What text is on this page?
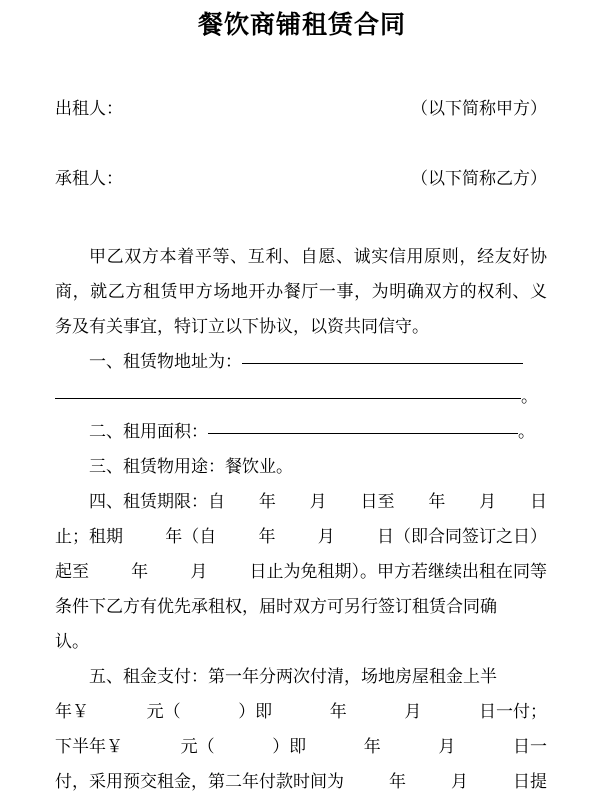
餐饮商铺租赁合同
出租人：	（以下简称甲方）
承租人：	（以下简称乙方）

甲乙双方本着平等、互利、自愿、诚实信用原则，经友好协商，就乙方租赁甲方场地开办餐厅一事，为明确双方的权利、义务及有关事宜，特订立以下协议，以资共同信守。

一、租赁物地址为：
。
二、租用面积：	。
三、租赁物用途：餐饮业。
四、租赁期限：自 年 月 日至 年 月 日
止；租期 年（自 年 月 日（即合同签订之日）
起至 年 月 日止为免租期）。甲方若继续出租在同等
条件下乙方有优先承租权，届时双方可另行签订租赁合同确
认。
五、租金支付：第一年分两次付清，场地房屋租金上半
年￥	元（	）即	年	月	日一付；
下半年￥	元（	）即	年	月	日一
付，采用预交租金，第二年付款时间为	年	月	日提
